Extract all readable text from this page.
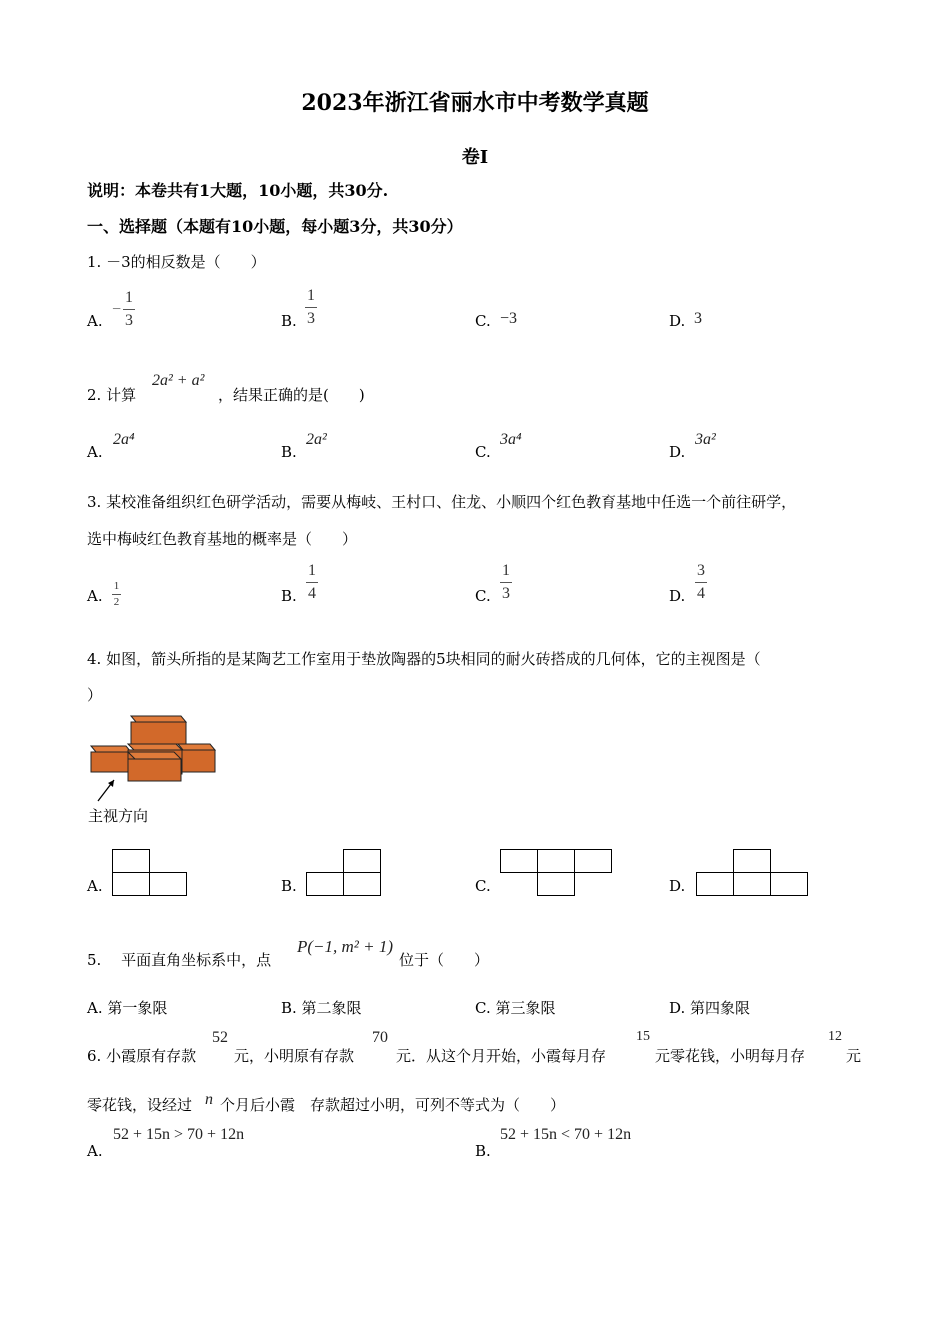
2023年浙江省丽水市中考数学真题
卷Ⅰ
说明：本卷共有1大题，10小题，共30分.
一、选择题（本题有10小题，每小题3分，共30分）
1. －3的相反数是（　　）
A.
− $\frac{1}{3}$	B. $\frac{1}{3}$	C. −3	D. 3
2. 计算
2a² + a²
，结果正确的是(　　)
A.
2a⁴
B.
2a²
C.
3a⁴
D.
3a²
3. 某校准备组织红色研学活动，需要从梅岐、王村口、住龙、小顺四个红色教育基地中任选一个前往研学，
选中梅岐红色教育基地的概率是（　　）
A. $\frac{1}{2}$	B. $\frac{1}{4}$	C. $\frac{1}{3}$	D. $\frac{3}{4}$
4. 如图，箭头所指的是某陶艺工作室用于垫放陶器的5块相同的耐火砖搭成的几何体，它的主视图是（
）
主视方向
A.	B.	C.	D.
5.　 平面直角坐标系中，点
P(−1, m² + 1)
位于（　　）
A. 第一象限	B. 第二象限	C. 第三象限	D. 第四象限
6. 小霞原有存款
52
元，小明原有存款
70
元．从这个月开始，小霞每月存
15
元零花钱，小明每月存
12
元
零花钱，设经过 n 个月后小霞　存款超过小明，可列不等式为（　　）
A.
52 + 15n > 70 + 12n
B.
52 + 15n < 70 + 12n
